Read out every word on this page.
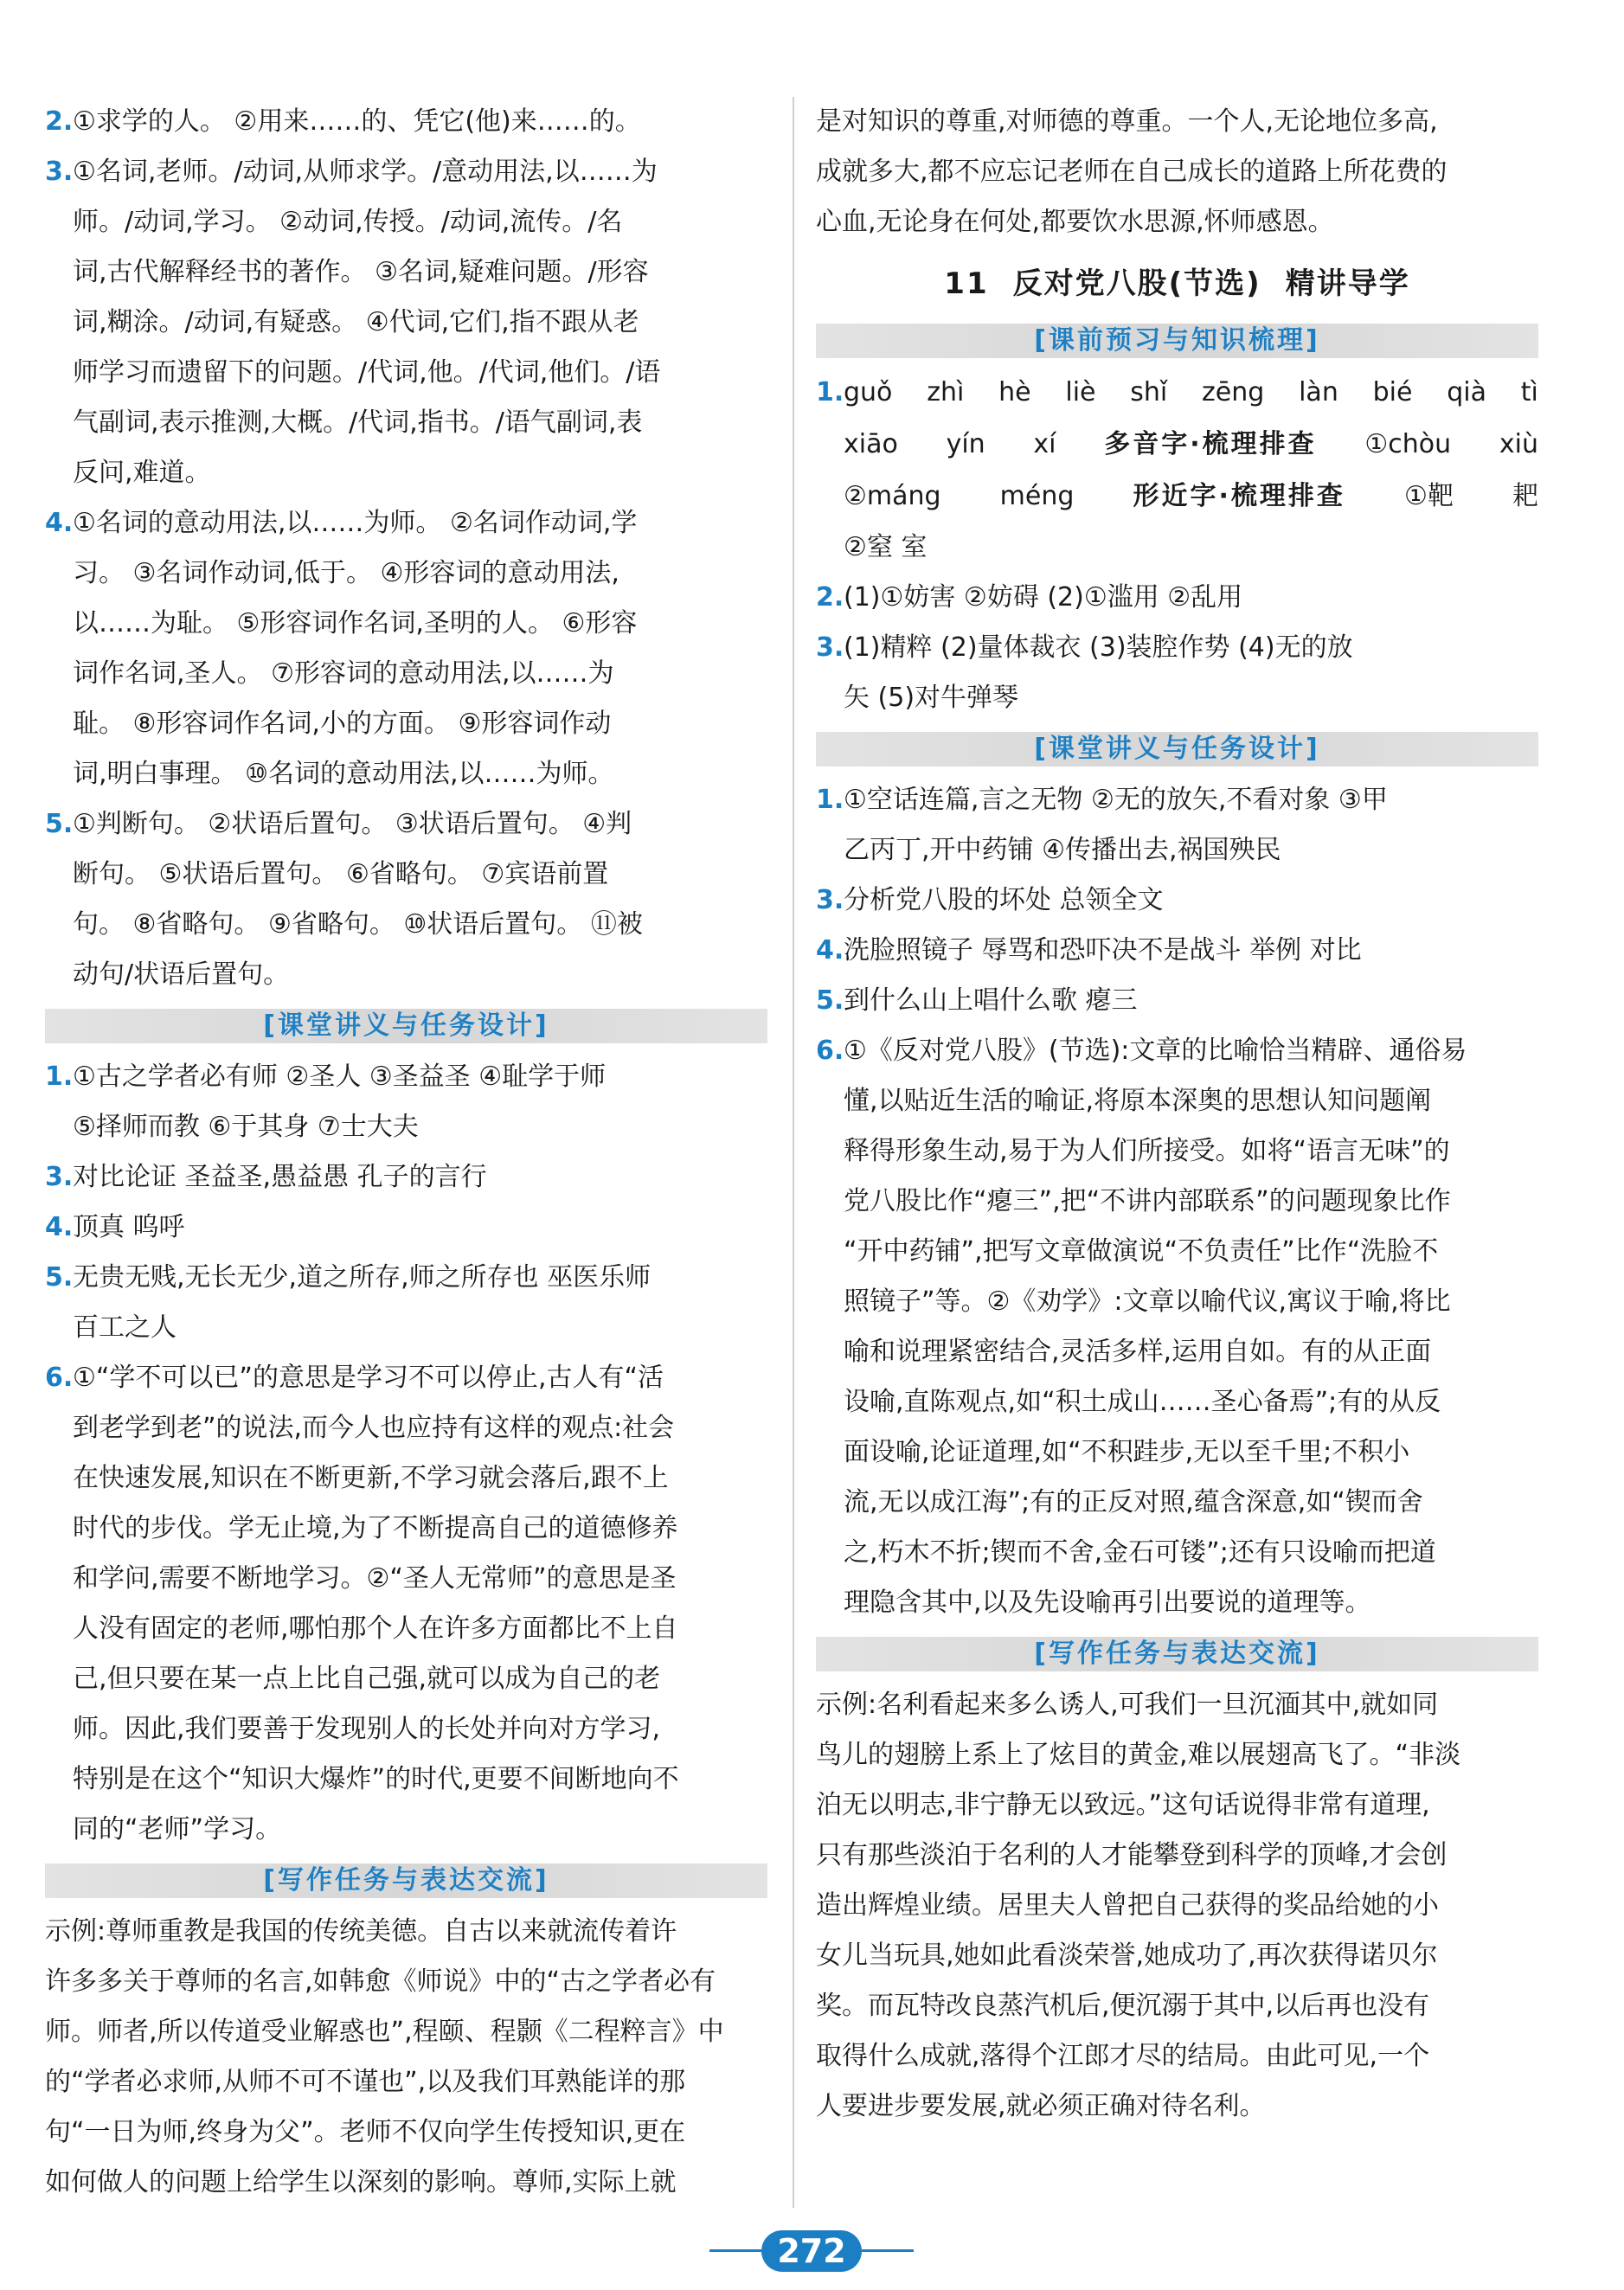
2. ①求学的人。 ②用来……的、凭它(他)来……的。
3. ①名词,老师。/动词,从师求学。/意动用法,以……为
师。/动词,学习。 ②动词,传授。/动词,流传。/名
词,古代解释经书的著作。 ③名词,疑难问题。/形容
词,糊涂。/动词,有疑惑。 ④代词,它们,指不跟从老
师学习而遗留下的问题。/代词,他。/代词,他们。/语
气副词,表示推测,大概。/代词,指书。/语气副词,表
反问,难道。
4. ①名词的意动用法,以……为师。 ②名词作动词,学
习。 ③名词作动词,低于。 ④形容词的意动用法,
以……为耻。 ⑤形容词作名词,圣明的人。 ⑥形容
词作名词,圣人。 ⑦形容词的意动用法,以……为
耻。 ⑧形容词作名词,小的方面。 ⑨形容词作动
词,明白事理。 ⑩名词的意动用法,以……为师。
5. ①判断句。 ②状语后置句。 ③状语后置句。 ④判
断句。 ⑤状语后置句。 ⑥省略句。 ⑦宾语前置
句。 ⑧省略句。 ⑨省略句。 ⑩状语后置句。 ⑪被
动句/状语后置句。
[课堂讲义与任务设计]
1. ①古之学者必有师 ②圣人 ③圣益圣 ④耻学于师
⑤择师而教 ⑥于其身 ⑦士大夫
3. 对比论证 圣益圣,愚益愚 孔子的言行
4. 顶真 呜呼
5. 无贵无贱,无长无少,道之所存,师之所存也 巫医乐师
百工之人
6. ①“学不可以已”的意思是学习不可以停止,古人有“活
到老学到老”的说法,而今人也应持有这样的观点:社会
在快速发展,知识在不断更新,不学习就会落后,跟不上
时代的步伐。学无止境,为了不断提高自己的道德修养
和学问,需要不断地学习。②“圣人无常师”的意思是圣
人没有固定的老师,哪怕那个人在许多方面都比不上自
己,但只要在某一点上比自己强,就可以成为自己的老
师。因此,我们要善于发现别人的长处并向对方学习,
特别是在这个“知识大爆炸”的时代,更要不间断地向不
同的“老师”学习。
[写作任务与表达交流]
示例:尊师重教是我国的传统美德。自古以来就流传着许
许多多关于尊师的名言,如韩愈《师说》中的“古之学者必有
师。师者,所以传道受业解惑也”,程颐、程颢《二程粹言》中
的“学者必求师,从师不可不谨也”,以及我们耳熟能详的那
句“一日为师,终身为父”。老师不仅向学生传授知识,更在
如何做人的问题上给学生以深刻的影响。尊师,实际上就
是对知识的尊重,对师德的尊重。一个人,无论地位多高,
成就多大,都不应忘记老师在自己成长的道路上所花费的
心血,无论身在何处,都要饮水思源,怀师感恩。
11 反对党八股(节选) 精讲导学
[课前预习与知识梳理]
1. guǒ zhì hè liè shǐ zēng làn bié qià tì
xiāo yín xí 多音字·梳理排查 ①chòu xiù
②máng méng 形近字·梳理排查 ①靶 耙
②窒 室
2. (1)①妨害 ②妨碍 (2)①滥用 ②乱用
3. (1)精粹 (2)量体裁衣 (3)装腔作势 (4)无的放
矢 (5)对牛弹琴
[课堂讲义与任务设计]
1. ①空话连篇,言之无物 ②无的放矢,不看对象 ③甲
乙丙丁,开中药铺 ④传播出去,祸国殃民
3. 分析党八股的坏处 总领全文
4. 洗脸照镜子 辱骂和恐吓决不是战斗 举例 对比
5. 到什么山上唱什么歌 瘪三
6. ①《反对党八股》(节选):文章的比喻恰当精辟、通俗易
懂,以贴近生活的喻证,将原本深奥的思想认知问题阐
释得形象生动,易于为人们所接受。如将“语言无味”的
党八股比作“瘪三”,把“不讲内部联系”的问题现象比作
“开中药铺”,把写文章做演说“不负责任”比作“洗脸不
照镜子”等。②《劝学》:文章以喻代议,寓议于喻,将比
喻和说理紧密结合,灵活多样,运用自如。有的从正面
设喻,直陈观点,如“积土成山……圣心备焉”;有的从反
面设喻,论证道理,如“不积跬步,无以至千里;不积小
流,无以成江海”;有的正反对照,蕴含深意,如“锲而舍
之,朽木不折;锲而不舍,金石可镂”;还有只设喻而把道
理隐含其中,以及先设喻再引出要说的道理等。
[写作任务与表达交流]
示例:名利看起来多么诱人,可我们一旦沉湎其中,就如同
鸟儿的翅膀上系上了炫目的黄金,难以展翅高飞了。“非淡
泊无以明志,非宁静无以致远。”这句话说得非常有道理,
只有那些淡泊于名利的人才能攀登到科学的顶峰,才会创
造出辉煌业绩。居里夫人曾把自己获得的奖品给她的小
女儿当玩具,她如此看淡荣誉,她成功了,再次获得诺贝尔
奖。而瓦特改良蒸汽机后,便沉溺于其中,以后再也没有
取得什么成就,落得个江郎才尽的结局。由此可见,一个
人要进步要发展,就必须正确对待名利。
272
